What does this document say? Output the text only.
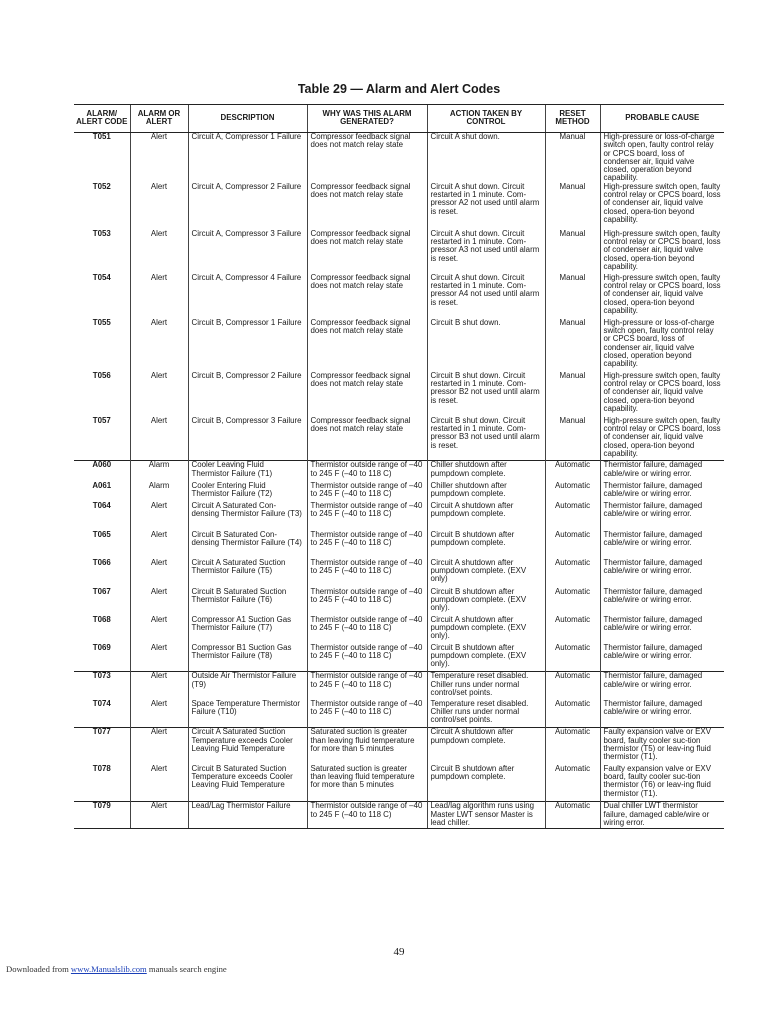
Table 29 — Alarm and Alert Codes
ALARM/ ALERT CODE	ALARM OR ALERT	DESCRIPTION	WHY WAS THIS ALARM GENERATED?	ACTION TAKEN BY CONTROL	RESET METHOD	PROBABLE CAUSE
T051	Alert	Circuit A, Compressor 1 Failure	Compressor feedback signal does not match relay state	Circuit A shut down.	Manual	High-pressure or loss-of-charge switch open, faulty control relay or CPCS board, loss of condenser air, liquid valve closed, operation beyond capability.
T052	Alert	Circuit A, Compressor 2 Failure	Compressor feedback signal does not match relay state	Circuit A shut down. Circuit restarted in 1 minute. Com-pressor A2 not used until alarm is reset.	Manual	High-pressure switch open, faulty control relay or CPCS board, loss of condenser air, liquid valve closed, opera-tion beyond capability.
T053	Alert	Circuit A, Compressor 3 Failure	Compressor feedback signal does not match relay state	Circuit A shut down. Circuit restarted in 1 minute. Com-pressor A3 not used until alarm is reset.	Manual	High-pressure switch open, faulty control relay or CPCS board, loss of condenser air, liquid valve closed, opera-tion beyond capability.
T054	Alert	Circuit A, Compressor 4 Failure	Compressor feedback signal does not match relay state	Circuit A shut down. Circuit restarted in 1 minute. Com-pressor A4 not used until alarm is reset.	Manual	High-pressure switch open, faulty control relay or CPCS board, loss of condenser air, liquid valve closed, opera-tion beyond capability.
T055	Alert	Circuit B, Compressor 1 Failure	Compressor feedback signal does not match relay state	Circuit B shut down.	Manual	High-pressure or loss-of-charge switch open, faulty control relay or CPCS board, loss of condenser air, liquid valve closed, operation beyond capability.
T056	Alert	Circuit B, Compressor 2 Failure	Compressor feedback signal does not match relay state	Circuit B shut down. Circuit restarted in 1 minute. Com-pressor B2 not used until alarm is reset.	Manual	High-pressure switch open, faulty control relay or CPCS board, loss of condenser air, liquid valve closed, opera-tion beyond capability.
T057	Alert	Circuit B, Compressor 3 Failure	Compressor feedback signal does not match relay state	Circuit B shut down. Circuit restarted in 1 minute. Com-pressor B3 not used until alarm is reset.	Manual	High-pressure switch open, faulty control relay or CPCS board, loss of condenser air, liquid valve closed, opera-tion beyond capability.
A060	Alarm	Cooler Leaving Fluid Thermistor Failure (T1)	Thermistor outside range of –40 to 245 F (–40 to 118 C)	Chiller shutdown after pumpdown complete.	Automatic	Thermistor failure, damaged cable/wire or wiring error.
A061	Alarm	Cooler Entering Fluid Thermistor Failure (T2)	Thermistor outside range of –40 to 245 F (–40 to 118 C)	Chiller shutdown after pumpdown complete.	Automatic	Thermistor failure, damaged cable/wire or wiring error.
T064	Alert	Circuit A Saturated Con-densing Thermistor Failure (T3)	Thermistor outside range of –40 to 245 F (–40 to 118 C)	Circuit A shutdown after pumpdown complete.	Automatic	Thermistor failure, damaged cable/wire or wiring error.
T065	Alert	Circuit B Saturated Con-densing Thermistor Failure (T4)	Thermistor outside range of –40 to 245 F (–40 to 118 C)	Circuit B shutdown after pumpdown complete.	Automatic	Thermistor failure, damaged cable/wire or wiring error.
T066	Alert	Circuit A Saturated Suction Thermistor Failure (T5)	Thermistor outside range of –40 to 245 F (–40 to 118 C)	Circuit A shutdown after pumpdown complete. (EXV only)	Automatic	Thermistor failure, damaged cable/wire or wiring error.
T067	Alert	Circuit B Saturated Suction Thermistor Failure (T6)	Thermistor outside range of –40 to 245 F (–40 to 118 C)	Circuit B shutdown after pumpdown complete. (EXV only).	Automatic	Thermistor failure, damaged cable/wire or wiring error.
T068	Alert	Compressor A1 Suction Gas Thermistor Failure (T7)	Thermistor outside range of –40 to 245 F (–40 to 118 C)	Circuit A shutdown after pumpdown complete. (EXV only).	Automatic	Thermistor failure, damaged cable/wire or wiring error.
T069	Alert	Compressor B1 Suction Gas Thermistor Failure (T8)	Thermistor outside range of –40 to 245 F (–40 to 118 C)	Circuit B shutdown after pumpdown complete. (EXV only).	Automatic	Thermistor failure, damaged cable/wire or wiring error.
T073	Alert	Outside Air Thermistor Failure (T9)	Thermistor outside range of –40 to 245 F (–40 to 118 C)	Temperature reset disabled. Chiller runs under normal control/set points.	Automatic	Thermistor failure, damaged cable/wire or wiring error.
T074	Alert	Space Temperature Thermistor Failure (T10)	Thermistor outside range of –40 to 245 F (–40 to 118 C)	Temperature reset disabled. Chiller runs under normal control/set points.	Automatic	Thermistor failure, damaged cable/wire or wiring error.
T077	Alert	Circuit A Saturated Suction Temperature exceeds Cooler Leaving Fluid Temperature	Saturated suction is greater than leaving fluid temperature for more than 5 minutes	Circuit A shutdown after pumpdown complete.	Automatic	Faulty expansion valve or EXV board, faulty cooler suc-tion thermistor (T5) or leav-ing fluid thermistor (T1).
T078	Alert	Circuit B Saturated Suction Temperature exceeds Cooler Leaving Fluid Temperature	Saturated suction is greater than leaving fluid temperature for more than 5 minutes	Circuit B shutdown after pumpdown complete.	Automatic	Faulty expansion valve or EXV board, faulty cooler suc-tion thermistor (T6) or leav-ing fluid thermistor (T1).
T079	Alert	Lead/Lag Thermistor Failure	Thermistor outside range of –40 to 245 F (–40 to 118 C)	Lead/lag algorithm runs using Master LWT sensor Master is lead chiller.	Automatic	Dual chiller LWT thermistor failure, damaged cable/wire or wiring error.
49
Downloaded from www.Manualslib.com manuals search engine
